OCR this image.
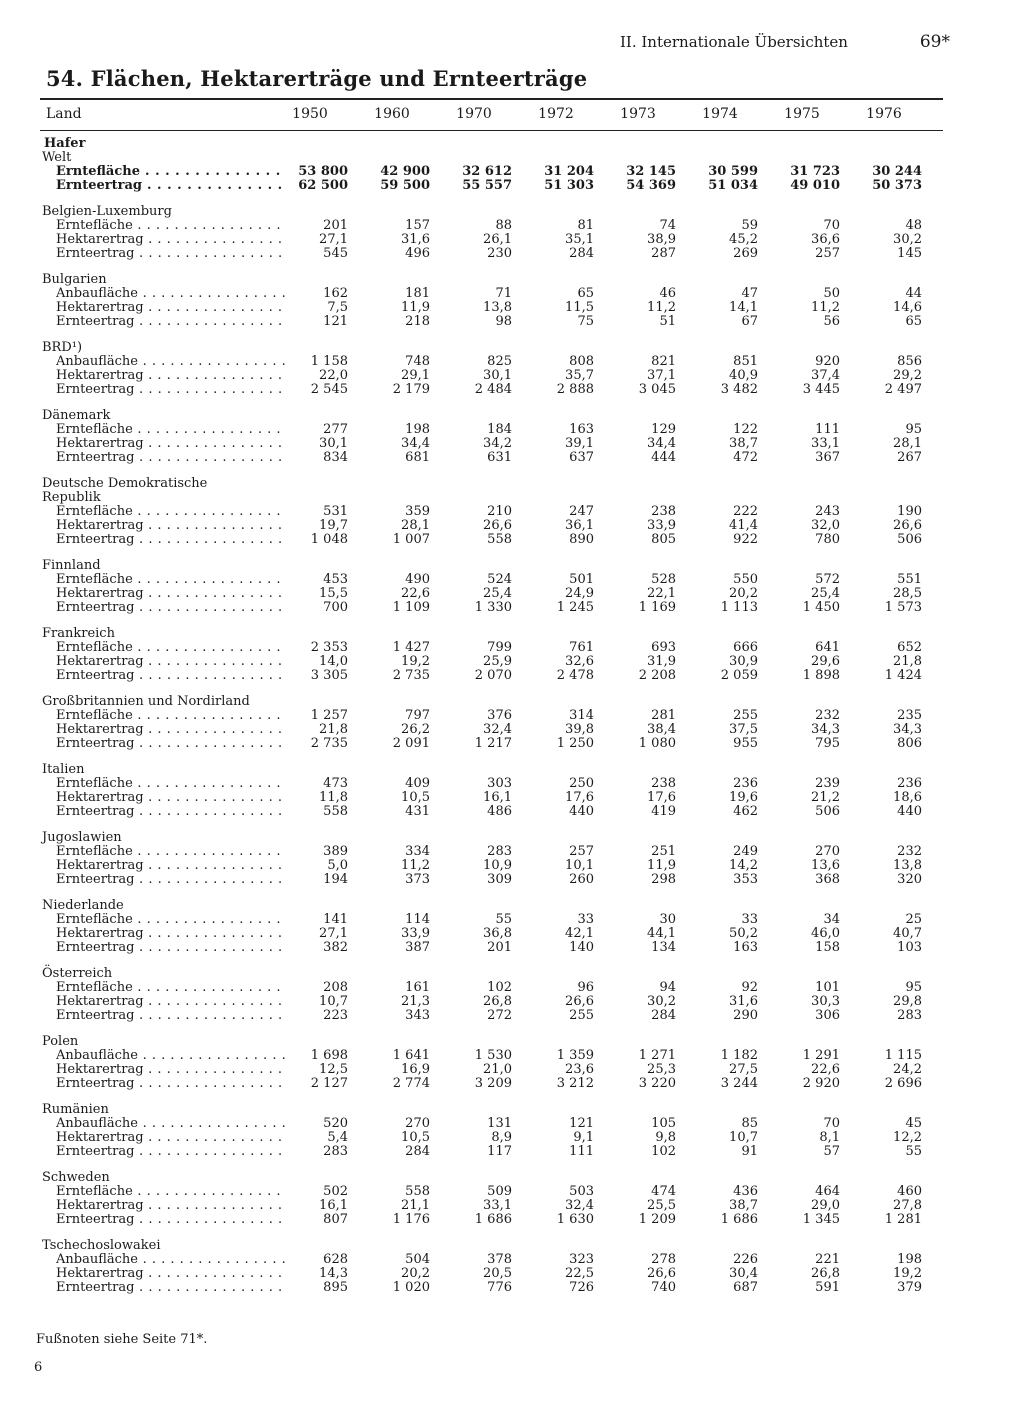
II. Internationale Übersichten	69*
54. Flächen, Hektarerträge und Ernteerträge
Land	1950	1960	1970	1972	1973	1974	1975	1976
Hafer
Welt
Erntefläche . . .	53 800	42 900	32 612	31 204	32 145	30 599	31 723	30 244
Ernteertrag . . .	62 500	59 500	55 557	51 303	54 369	51 034	49 010	50 373
Belgien-Luxemburg
Erntefläche . . .	201	157	88	81	74	59	70	48
Hektarertrag . . .	27,1	31,6	26,1	35,1	38,9	45,2	36,6	30,2
Ernteertrag . . .	545	496	230	284	287	269	257	145
Bulgarien
Anbaufläche . . .	162	181	71	65	46	47	50	44
Hektarertrag . . .	7,5	11,9	13,8	11,5	11,2	14,1	11,2	14,6
Ernteertrag . . .	121	218	98	75	51	67	56	65
BRD¹)
Anbaufläche . . .	1 158	748	825	808	821	851	920	856
Hektarertrag . . .	22,0	29,1	30,1	35,7	37,1	40,9	37,4	29,2
Ernteertrag . . .	2 545	2 179	2 484	2 888	3 045	3 482	3 445	2 497
Dänemark
Erntefläche . . .	277	198	184	163	129	122	111	95
Hektarertrag . . .	30,1	34,4	34,2	39,1	34,4	38,7	33,1	28,1
Ernteertrag . . .	834	681	631	637	444	472	367	267
Deutsche Demokratische
Republik
Erntefläche . . .	531	359	210	247	238	222	243	190
Hektarertrag . . .	19,7	28,1	26,6	36,1	33,9	41,4	32,0	26,6
Ernteertrag . . .	1 048	1 007	558	890	805	922	780	506
Finnland
Erntefläche . . .	453	490	524	501	528	550	572	551
Hektarertrag . . .	15,5	22,6	25,4	24,9	22,1	20,2	25,4	28,5
Ernteertrag . . .	700	1 109	1 330	1 245	1 169	1 113	1 450	1 573
Frankreich
Erntefläche . . .	2 353	1 427	799	761	693	666	641	652
Hektarertrag . . .	14,0	19,2	25,9	32,6	31,9	30,9	29,6	21,8
Ernteertrag . . .	3 305	2 735	2 070	2 478	2 208	2 059	1 898	1 424
Großbritannien und Nordirland
Erntefläche . . .	1 257	797	376	314	281	255	232	235
Hektarertrag . . .	21,8	26,2	32,4	39,8	38,4	37,5	34,3	34,3
Ernteertrag . . .	2 735	2 091	1 217	1 250	1 080	955	795	806
Italien
Erntefläche . . .	473	409	303	250	238	236	239	236
Hektarertrag . . .	11,8	10,5	16,1	17,6	17,6	19,6	21,2	18,6
Ernteertrag . . .	558	431	486	440	419	462	506	440
Jugoslawien
Erntefläche . . .	389	334	283	257	251	249	270	232
Hektarertrag . . .	5,0	11,2	10,9	10,1	11,9	14,2	13,6	13,8
Ernteertrag . . .	194	373	309	260	298	353	368	320
Niederlande
Erntefläche . . .	141	114	55	33	30	33	34	25
Hektarertrag . . .	27,1	33,9	36,8	42,1	44,1	50,2	46,0	40,7
Ernteertrag . . .	382	387	201	140	134	163	158	103
Österreich
Erntefläche . . .	208	161	102	96	94	92	101	95
Hektarertrag . . .	10,7	21,3	26,8	26,6	30,2	31,6	30,3	29,8
Ernteertrag . . .	223	343	272	255	284	290	306	283
Polen
Anbaufläche . . .	1 698	1 641	1 530	1 359	1 271	1 182	1 291	1 115
Hektarertrag . . .	12,5	16,9	21,0	23,6	25,3	27,5	22,6	24,2
Ernteertrag . . .	2 127	2 774	3 209	3 212	3 220	3 244	2 920	2 696
Rumänien
Anbaufläche . . .	520	270	131	121	105	85	70	45
Hektarertrag . . .	5,4	10,5	8,9	9,1	9,8	10,7	8,1	12,2
Ernteertrag . . .	283	284	117	111	102	91	57	55
Schweden
Erntefläche . . .	502	558	509	503	474	436	464	460
Hektarertrag . . .	16,1	21,1	33,1	32,4	25,5	38,7	29,0	27,8
Ernteertrag . . .	807	1 176	1 686	1 630	1 209	1 686	1 345	1 281
Tschechoslowakei
Anbaufläche . . .	628	504	378	323	278	226	221	198
Hektarertrag . . .	14,3	20,2	20,5	22,5	26,6	30,4	26,8	19,2
Ernteertrag . . .	895	1 020	776	726	740	687	591	379
Fußnoten siehe Seite 71*.
6
